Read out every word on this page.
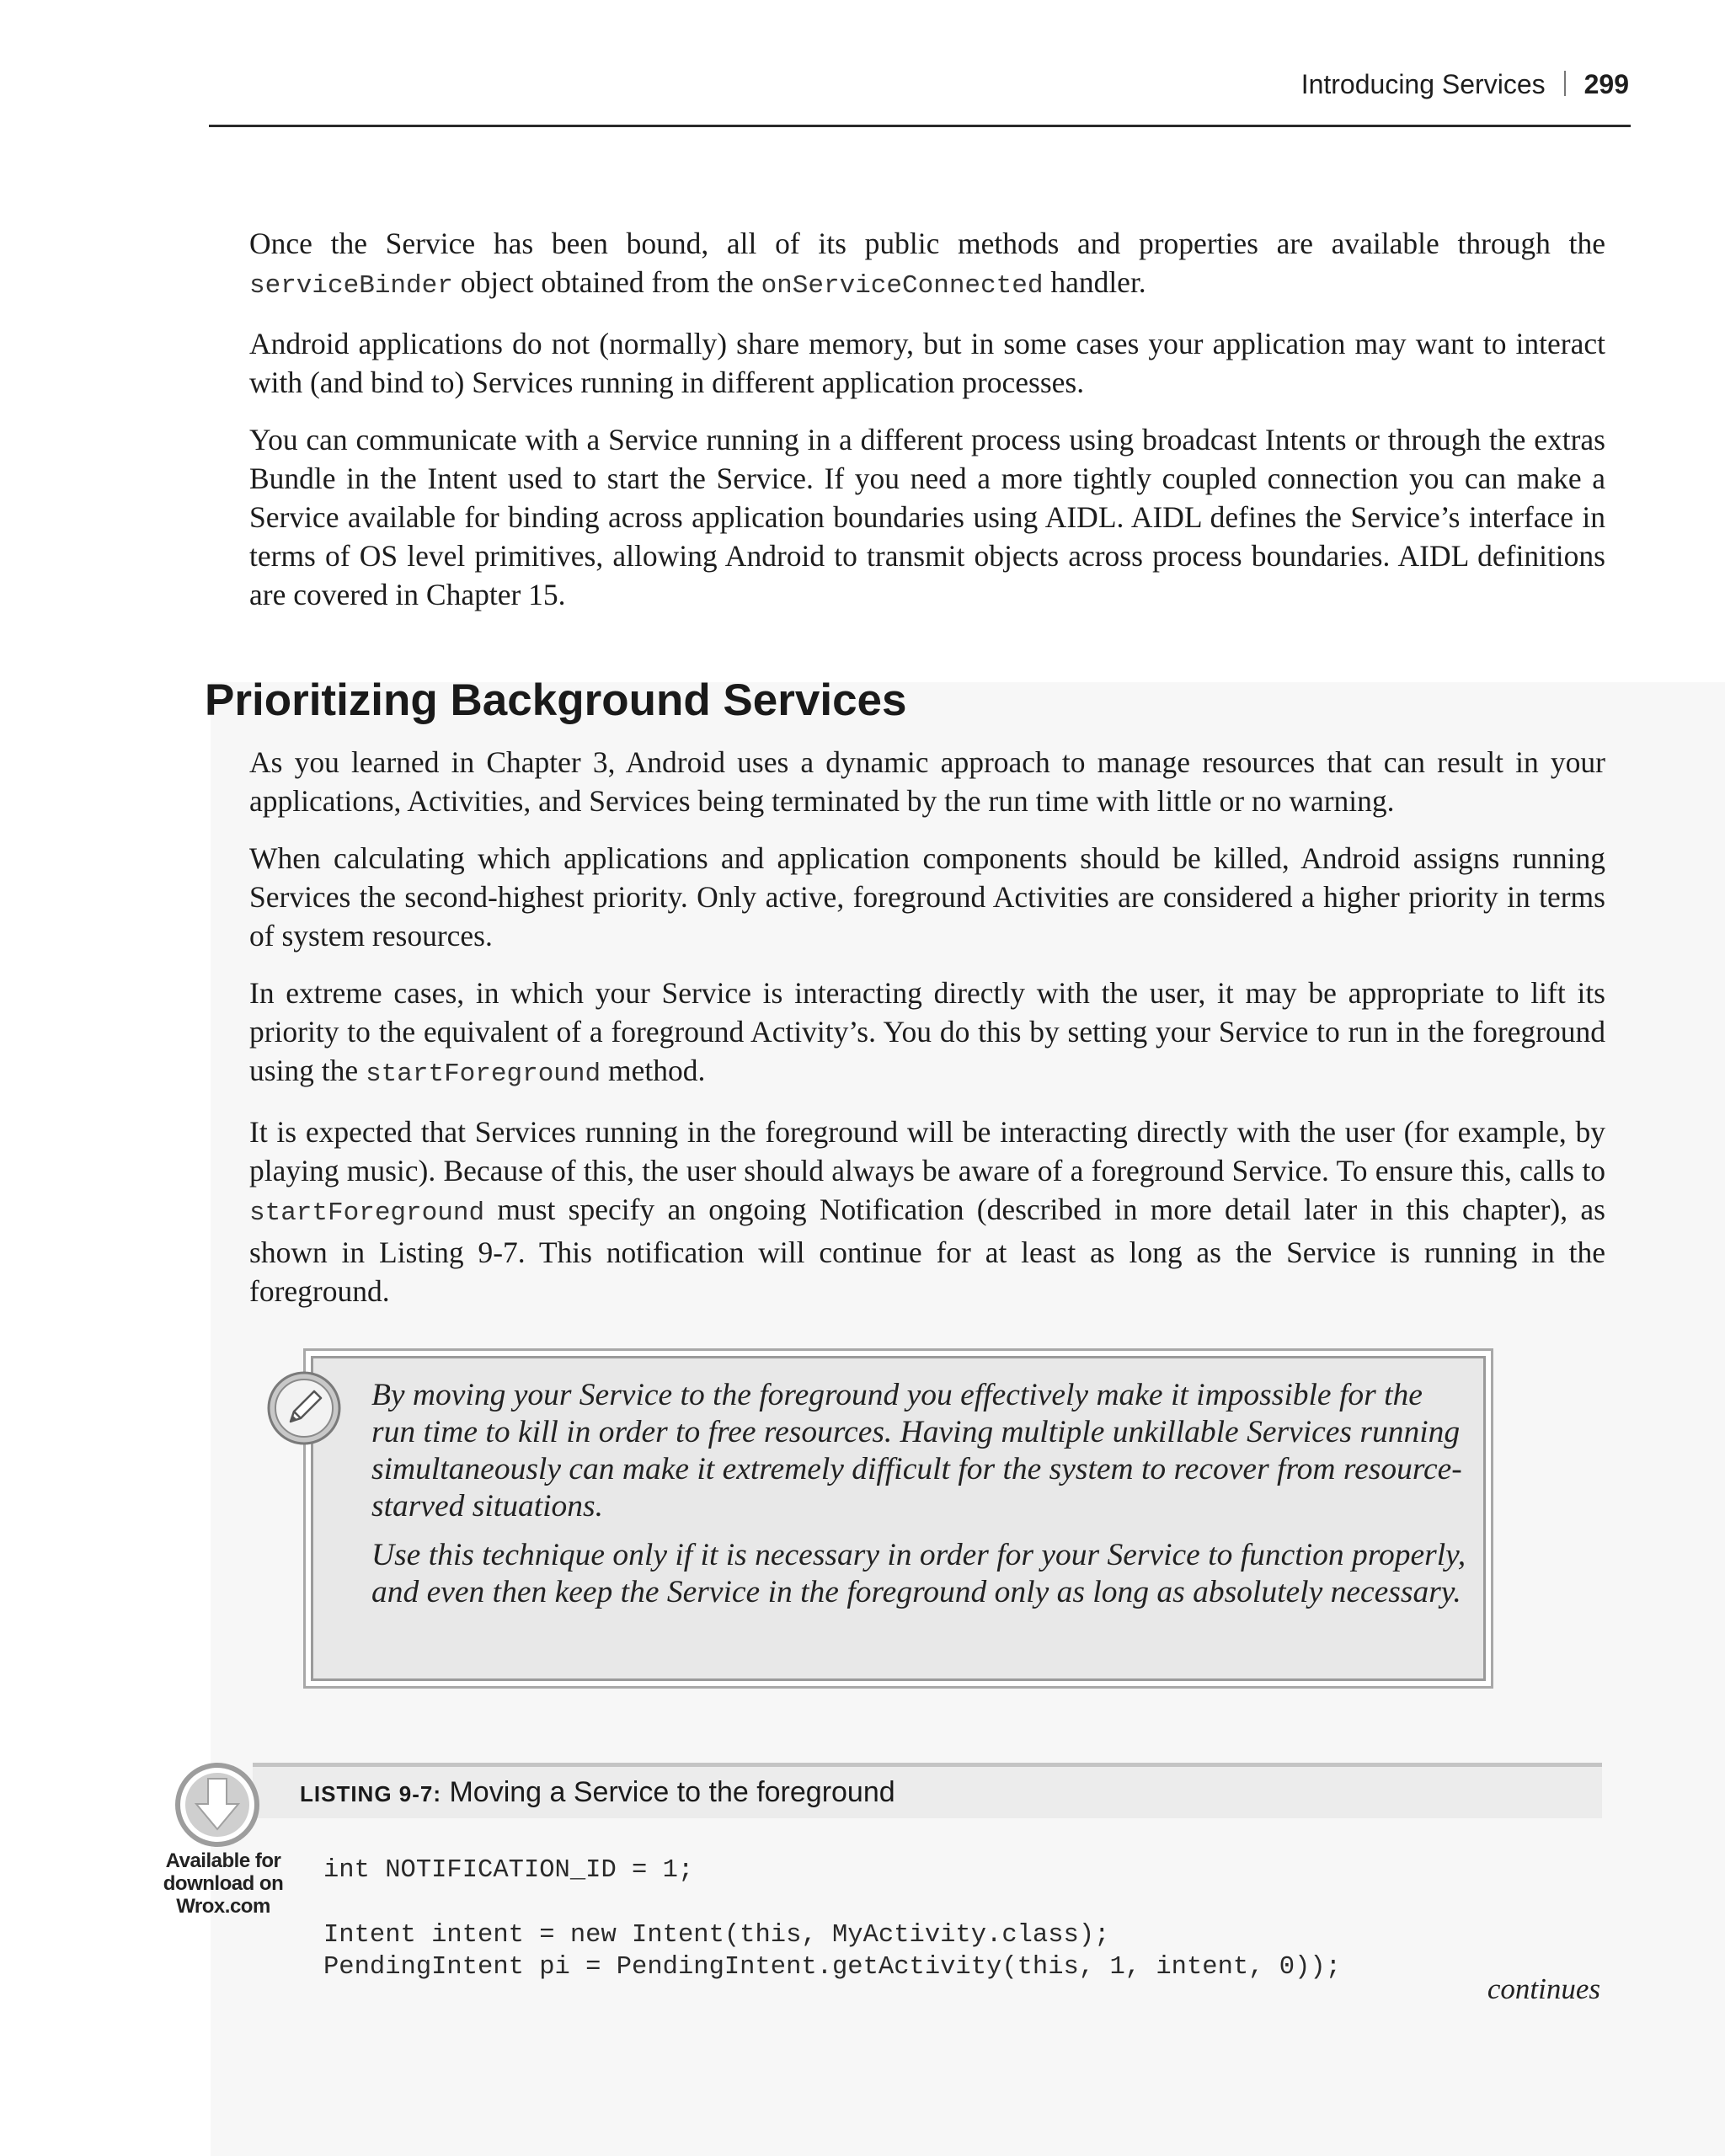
Introducing Services 299

Once the Service has been bound, all of its public methods and properties are available through the serviceBinder object obtained from the onServiceConnected handler.

Android applications do not (normally) share memory, but in some cases your application may want to interact with (and bind to) Services running in different application processes.

You can communicate with a Service running in a different process using broadcast Intents or through the extras Bundle in the Intent used to start the Service. If you need a more tightly coupled connection you can make a Service available for binding across application boundaries using AIDL. AIDL defines the Service’s interface in terms of OS level primitives, allowing Android to transmit objects across process boundaries. AIDL definitions are covered in Chapter 15.

Prioritizing Background Services

As you learned in Chapter 3, Android uses a dynamic approach to manage resources that can result in your applications, Activities, and Services being terminated by the run time with little or no warning.

When calculating which applications and application components should be killed, Android assigns running Services the second-highest priority. Only active, foreground Activities are considered a higher priority in terms of system resources.

In extreme cases, in which your Service is interacting directly with the user, it may be appropriate to lift its priority to the equivalent of a foreground Activity’s. You do this by setting your Service to run in the foreground using the startForeground method.

It is expected that Services running in the foreground will be interacting directly with the user (for example, by playing music). Because of this, the user should always be aware of a foreground Service. To ensure this, calls to startForeground must specify an ongoing Notification (described in more detail later in this chapter), as shown in Listing 9-7. This notification will continue for at least as long as the Service is running in the foreground.

By moving your Service to the foreground you effectively make it impossible for the run time to kill in order to free resources. Having multiple unkillable Services running simultaneously can make it extremely difficult for the system to recover from resource-starved situations.

Use this technique only if it is necessary in order for your Service to function properly, and even then keep the Service in the foreground only as long as absolutely necessary.

LISTING 9-7: Moving a Service to the foreground

Available for
download on
Wrox.com

int NOTIFICATION_ID = 1;

Intent intent = new Intent(this, MyActivity.class);

PendingIntent pi = PendingIntent.getActivity(this, 1, intent, 0));

continues
